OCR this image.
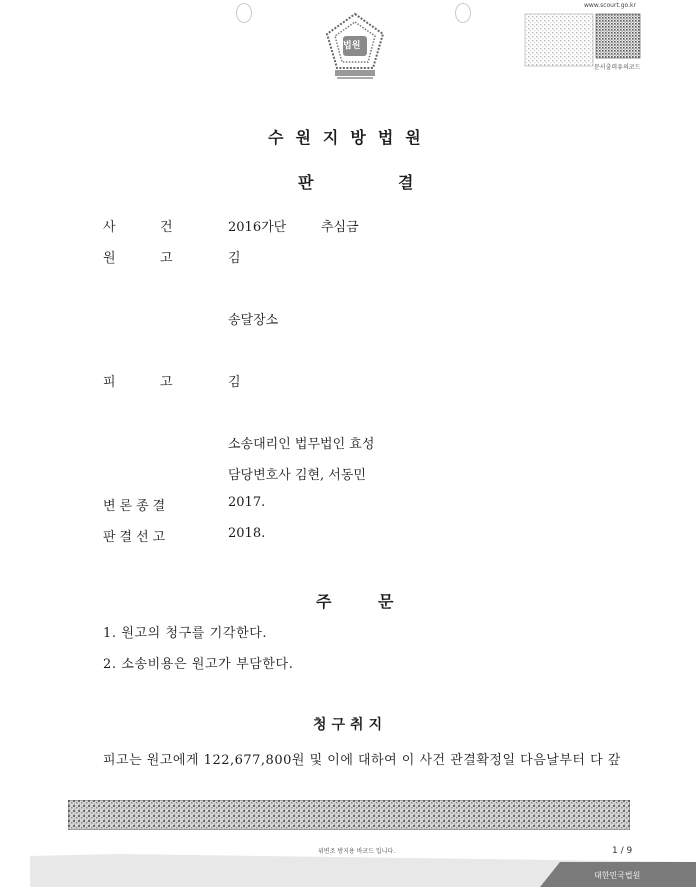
법원
www.scourt.go.kr
문서출력유의코드
수원지방법원
판	결
사	건	2016가단	추심금
원	고	김
송달장소
피	고	김
소송대리인 법무법인 효성
담당변호사 김현, 서동민
변론종결	2017.
판결선고	2018.
주	문
1. 원고의 청구를 기각한다.
2. 소송비용은 원고가 부담한다.
청구취지
피고는 원고에게 122,677,800원 및 이에 대하여 이 사건 관결확정일 다음날부터 다 갚
위변조 방지용 바코드 입니다.	1 / 9
대한민국법원
